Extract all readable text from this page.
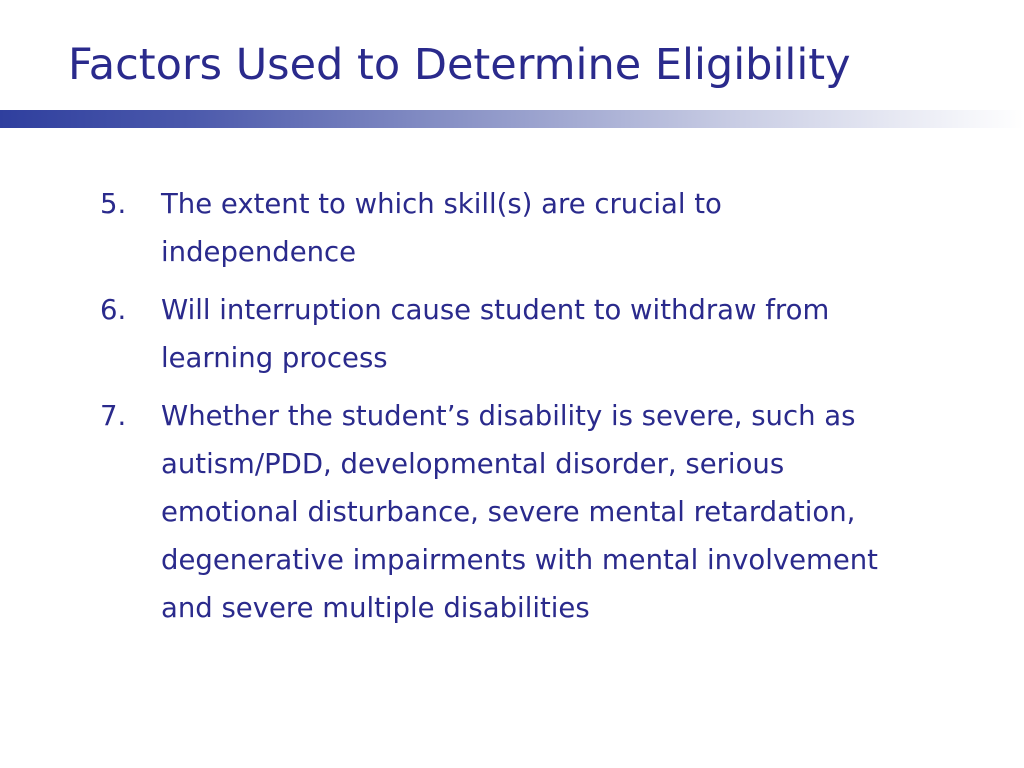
Factors Used to Determine Eligibility
5.	The extent to which skill(s) are crucial to independence
6.	Will interruption cause student to withdraw from learning process
7.	Whether the student’s disability is severe, such as autism/PDD, developmental disorder, serious emotional disturbance, severe mental retardation, degenerative impairments with mental involvement and severe multiple disabilities
